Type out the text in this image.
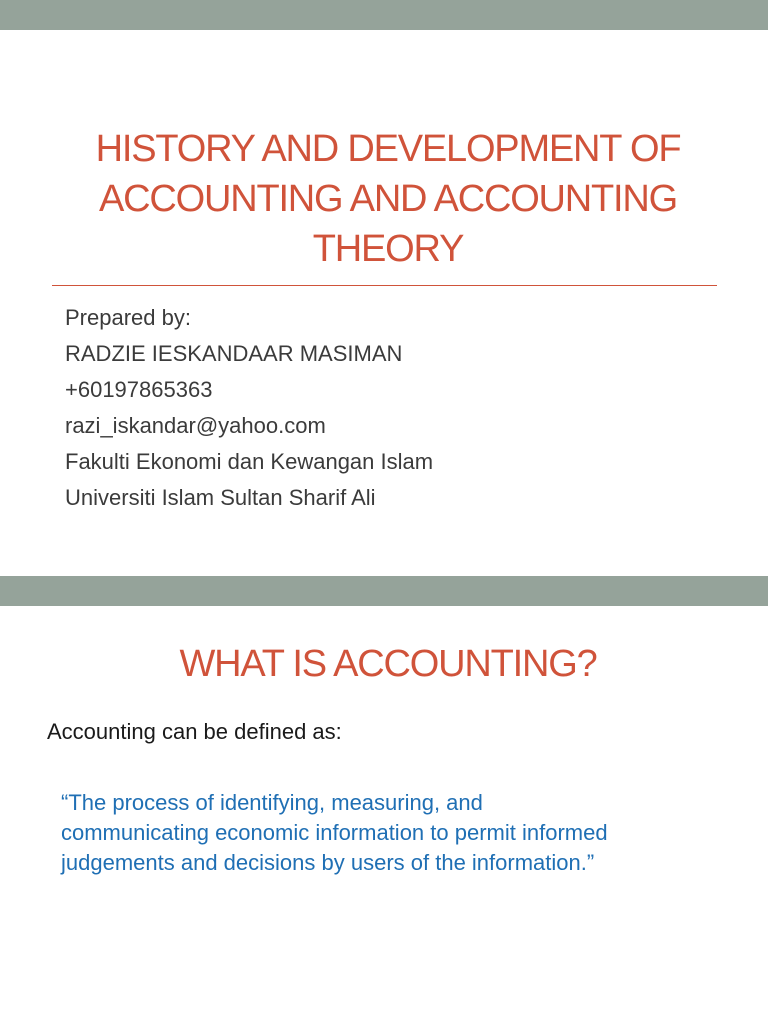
HISTORY AND DEVELOPMENT OF ACCOUNTING AND ACCOUNTING THEORY
Prepared by:
RADZIE IESKANDAAR MASIMAN
+60197865363
razi_iskandar@yahoo.com
Fakulti Ekonomi dan Kewangan Islam
Universiti Islam Sultan Sharif Ali
WHAT IS ACCOUNTING?
Accounting can be defined as:
“The process of identifying, measuring, and
communicating economic information to permit informed
judgements and decisions by users of the information.”
